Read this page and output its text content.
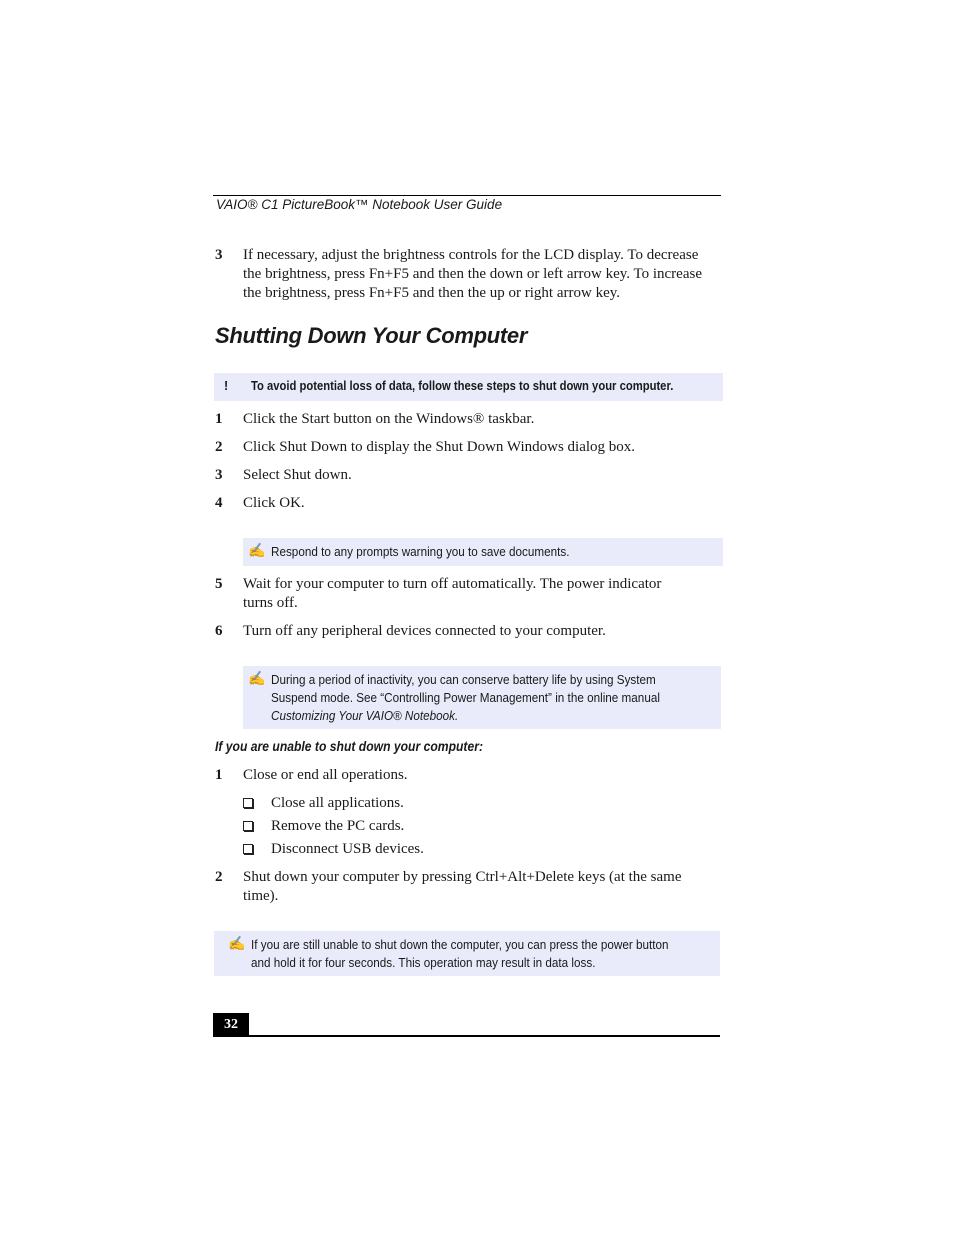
VAIO® C1 PictureBook™ Notebook User Guide
3 If necessary, adjust the brightness controls for the LCD display. To decrease
the brightness, press Fn+F5 and then the down or left arrow key. To increase
the brightness, press Fn+F5 and then the up or right arrow key.
Shutting Down Your Computer
! To avoid potential loss of data, follow these steps to shut down your computer.
1 Click the Start button on the Windows® taskbar.
2 Click Shut Down to display the Shut Down Windows dialog box.
3 Select Shut down.
4 Click OK.
✍ Respond to any prompts warning you to save documents.
5 Wait for your computer to turn off automatically. The power indicator
turns off.
6 Turn off any peripheral devices connected to your computer.
✍ During a period of inactivity, you can conserve battery life by using System
Suspend mode. See “Controlling Power Management” in the online manual
Customizing Your VAIO® Notebook.
If you are unable to shut down your computer:
1 Close or end all operations.
Close all applications.
Remove the PC cards.
Disconnect USB devices.
2 Shut down your computer by pressing Ctrl+Alt+Delete keys (at the same
time).
✍ If you are still unable to shut down the computer, you can press the power button
and hold it for four seconds. This operation may result in data loss.
32
